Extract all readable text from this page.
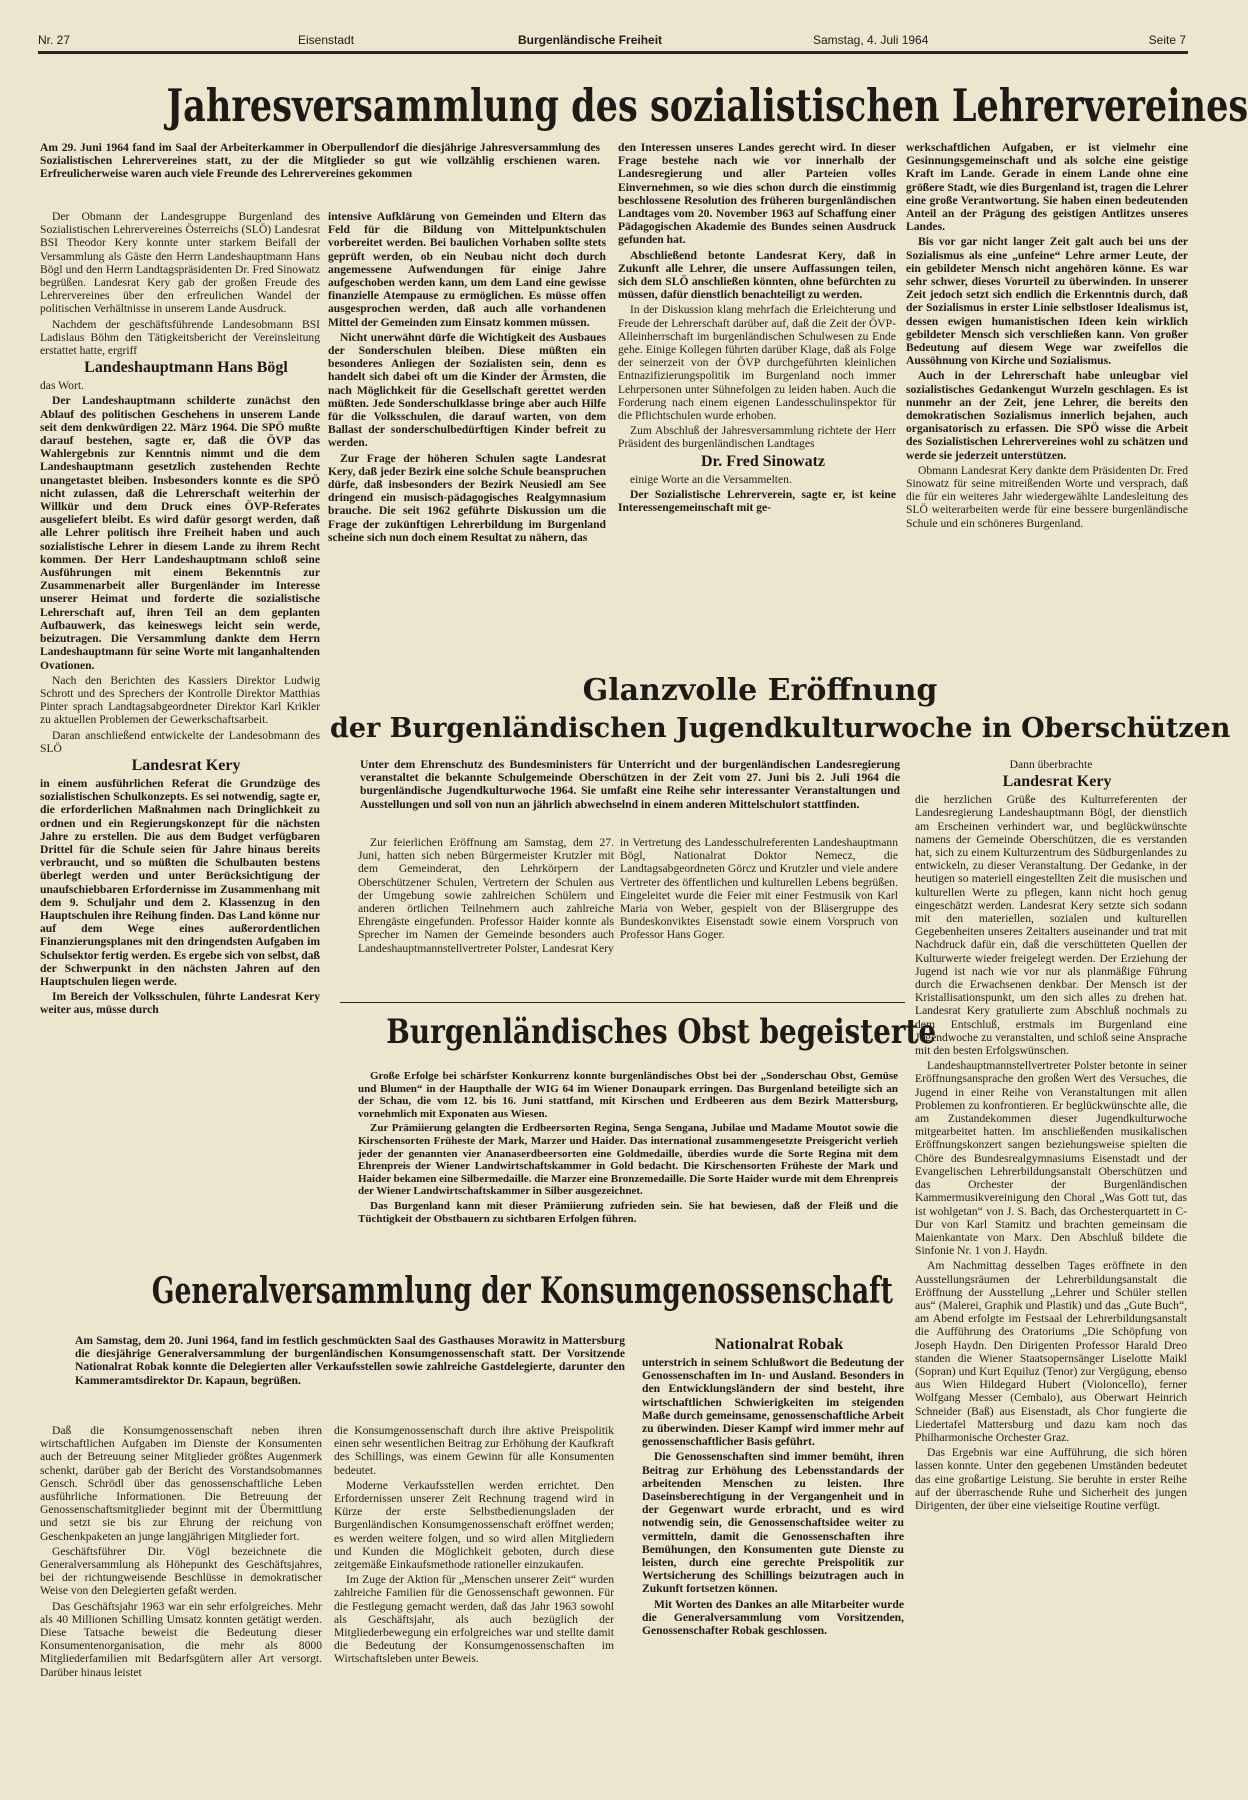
Nr. 27	Eisenstadt	Burgenländische Freiheit	Samstag, 4. Juli 1964	Seite 7
Jahresversammlung des sozialistischen Lehrervereines
Am 29. Juni 1964 fand im Saal der Arbeiterkammer in Oberpullendorf die diesjährige Jahresversammlung des Sozialistischen Lehrervereines statt, zu der die Mitglieder so gut wie vollzählig erschienen waren. Erfreulicherweise waren auch viele Freunde des Lehrervereines gekommen

Der Obmann der Landesgruppe Burgenland des Sozialistischen Lehrervereines Österreichs (SLÖ) Landesrat BSI Theodor Kery konnte unter starkem Beifall der Versammlung als Gäste den Herrn Landeshauptmann Hans Bögl und den Herrn Landtagspräsidenten Dr. Fred Sinowatz begrüßen. Landesrat Kery gab der großen Freude des Lehrervereines über den erfreulichen Wandel der politischen Verhältnisse in unserem Lande Ausdruck.

Nachdem der geschäftsführende Landesobmann BSI Ladislaus Böhm den Tätigkeitsbericht der Vereinsleitung erstattet hatte, ergriff

Landeshauptmann Hans Bögl

das Wort.

Der Landeshauptmann schilderte zunächst den Ablauf des politischen Geschehens in unserem Lande seit dem denkwürdigen 22. März 1964. Die SPÖ mußte darauf bestehen, sagte er, daß die ÖVP das Wahlergebnis zur Kenntnis nimmt und die dem Landeshauptmann gesetzlich zustehenden Rechte unangetastet bleiben. Insbesonders konnte es die SPÖ nicht zulassen, daß die Lehrerschaft weiterhin der Willkür und dem Druck eines ÖVP-Referates ausgeliefert bleibt. Es wird dafür gesorgt werden, daß alle Lehrer politisch ihre Freiheit haben und auch sozialistische Lehrer in diesem Lande zu ihrem Recht kommen. Der Herr Landeshauptmann schloß seine Ausführungen mit einem Bekenntnis zur Zusammenarbeit aller Burgenländer im Interesse unserer Heimat und forderte die sozialistische Lehrerschaft auf, ihren Teil an dem geplanten Aufbauwerk, das keineswegs leicht sein werde, beizutragen. Die Versammlung dankte dem Herrn Landeshauptmann für seine Worte mit langanhaltenden Ovationen.

Nach den Berichten des Kassiers Direktor Ludwig Schrott und des Sprechers der Kontrolle Direktor Matthias Pinter sprach Landtagsabgeordneter Direktor Karl Krikler zu aktuellen Problemen der Gewerkschaftsarbeit.

Daran anschließend entwickelte der Landesobmann des SLÖ

Landesrat Kery

in einem ausführlichen Referat die Grundzüge des sozialistischen Schulkonzepts. Es sei notwendig, sagte er, die erforderlichen Maßnahmen nach Dringlichkeit zu ordnen und ein Regierungskonzept für die nächsten Jahre zu erstellen. Die aus dem Budget verfügbaren Drittel für die Schule seien für Jahre hinaus bereits verbraucht, und so müßten die Schulbauten bestens überlegt werden und unter Berücksichtigung der unaufschiebbaren Erfordernisse im Zusammenhang mit dem 9. Schuljahr und dem 2. Klassenzug in den Hauptschulen ihre Reihung finden. Das Land könne nur auf dem Wege eines außerordentlichen Finanzierungsplanes mit den dringendsten Aufgaben im Schulsektor fertig werden. Es ergebe sich von selbst, daß der Schwerpunkt in den nächsten Jahren auf den Hauptschulen liegen werde.

Im Bereich der Volksschulen, führte Landesrat Kery weiter aus, müsse durch

intensive Aufklärung von Gemeinden und Eltern das Feld für die Bildung von Mittelpunktschulen vorbereitet werden. Bei baulichen Vorhaben sollte stets geprüft werden, ob ein Neubau nicht doch durch angemessene Aufwendungen für einige Jahre aufgeschoben werden kann, um dem Land eine gewisse finanzielle Atempause zu ermöglichen. Es müsse offen ausgesprochen werden, daß auch alle vorhandenen Mittel der Gemeinden zum Einsatz kommen müssen.

Nicht unerwähnt dürfe die Wichtigkeit des Ausbaues der Sonderschulen bleiben. Diese müßten ein besonderes Anliegen der Sozialisten sein, denn es handelt sich dabei oft um die Kinder der Ärmsten, die nach Möglichkeit für die Gesellschaft gerettet werden müßten. Jede Sonderschulklasse bringe aber auch Hilfe für die Volksschulen, die darauf warten, von dem Ballast der sonderschulbedürftigen Kinder befreit zu werden.

Zur Frage der höheren Schulen sagte Landesrat Kery, daß jeder Bezirk eine solche Schule beanspruchen dürfe, daß insbesonders der Bezirk Neusiedl am See dringend ein musisch-pädagogisches Realgymnasium brauche. Die seit 1962 geführte Diskussion um die Frage der zukünftigen Lehrerbildung im Burgenland scheine sich nun doch einem Resultat zu nähern, das

den Interessen unseres Landes gerecht wird. In dieser Frage bestehe nach wie vor innerhalb der Landesregierung und aller Parteien volles Einvernehmen, so wie dies schon durch die einstimmig beschlossene Resolution des früheren burgenländischen Landtages vom 20. November 1963 auf Schaffung einer Pädagogischen Akademie des Bundes seinen Ausdruck gefunden hat.

Abschließend betonte Landesrat Kery, daß in Zukunft alle Lehrer, die unsere Auffassungen teilen, sich dem SLÖ anschließen könnten, ohne befürchten zu müssen, dafür dienstlich benachteiligt zu werden.

In der Diskussion klang mehrfach die Erleichterung und Freude der Lehrerschaft darüber auf, daß die Zeit der ÖVP-Alleinherrschaft im burgenländischen Schulwesen zu Ende gehe. Einige Kollegen führten darüber Klage, daß als Folge der seinerzeit von der ÖVP durchgeführten kleinlichen Entnazifizierungspolitik im Burgenland noch immer Lehrpersonen unter Sühnefolgen zu leiden haben. Auch die Forderung nach einem eigenen Landesschulinspektor für die Pflichtschulen wurde erhoben.

Zum Abschluß der Jahresversammlung richtete der Herr Präsident des burgenländischen Landtages

Dr. Fred Sinowatz

einige Worte an die Versammelten.

Der Sozialistische Lehrerverein, sagte er, ist keine Interessengemeinschaft mit ge-

werkschaftlichen Aufgaben, er ist vielmehr eine Gesinnungsgemeinschaft und als solche eine geistige Kraft im Lande. Gerade in einem Lande ohne eine größere Stadt, wie dies Burgenland ist, tragen die Lehrer eine große Verantwortung. Sie haben einen bedeutenden Anteil an der Prägung des geistigen Antlitzes unseres Landes.

Bis vor gar nicht langer Zeit galt auch bei uns der Sozialismus als eine „unfeine“ Lehre armer Leute, der ein gebildeter Mensch nicht angehören könne. Es war sehr schwer, dieses Vorurteil zu überwinden. In unserer Zeit jedoch setzt sich endlich die Erkenntnis durch, daß der Sozialismus in erster Linie selbstloser Idealismus ist, dessen ewigen humanistischen Ideen kein wirklich gebildeter Mensch sich verschließen kann. Von großer Bedeutung auf diesem Wege war zweifellos die Aussöhnung von Kirche und Sozialismus.

Auch in der Lehrerschaft habe unleugbar viel sozialistisches Gedankengut Wurzeln geschlagen. Es ist nunmehr an der Zeit, jene Lehrer, die bereits den demokratischen Sozialismus innerlich bejahen, auch organisatorisch zu erfassen. Die SPÖ wisse die Arbeit des Sozialistischen Lehrervereines wohl zu schätzen und werde sie jederzeit unterstützen.

Obmann Landesrat Kery dankte dem Präsidenten Dr. Fred Sinowatz für seine mitreißenden Worte und versprach, daß die für ein weiteres Jahr wiedergewählte Landesleitung des SLÖ weiterarbeiten werde für eine bessere burgenländische Schule und ein schöneres Burgenland.

Glanzvolle Eröffnung
der Burgenländischen Jugendkulturwoche in Oberschützen
Unter dem Ehrenschutz des Bundesministers für Unterricht und der burgenländischen Landesregierung veranstaltet die bekannte Schulgemeinde Oberschützen in der Zeit vom 27. Juni bis 2. Juli 1964 die burgenländische Jugendkulturwoche 1964. Sie umfaßt eine Reihe sehr interessanter Veranstaltungen und Ausstellungen und soll von nun an jährlich abwechselnd in einem anderen Mittelschulort stattfinden.

Zur feierlichen Eröffnung am Samstag, dem 27. Juni, hatten sich neben Bürgermeister Krutzler mit dem Gemeinderat, den Lehrkörpern der Oberschützener Schulen, Vertretern der Schulen aus der Umgebung sowie zahlreichen Schülern und anderen örtlichen Teilnehmern auch zahlreiche Ehrengäste eingefunden. Professor Haider konnte als Sprecher im Namen der Gemeinde besonders auch Landeshauptmannstellvertreter Polster, Landesrat Kery

in Vertretung des Landesschulreferenten Landeshauptmann Bögl, Nationalrat Doktor Nemecz, die Landtagsabgeordneten Görcz und Krutzler und viele andere Vertreter des öffentlichen und kulturellen Lebens begrüßen. Eingeleitet wurde die Feier mit einer Festmusik von Karl Maria von Weber, gespielt von der Bläsergruppe des Bundeskonviktes Eisenstadt sowie einem Vorspruch von Professor Hans Goger.

Dann überbrachte

Landesrat Kery

die herzlichen Grüße des Kulturreferenten der Landesregierung Landeshauptmann Bögl, der dienstlich am Erscheinen verhindert war, und beglückwünschte namens der Gemeinde Oberschützen, die es verstanden hat, sich zu einem Kulturzentrum des Südburgenlandes zu entwickeln, zu dieser Veranstaltung. Der Gedanke, in der heutigen so materiell eingestellten Zeit die musischen und kulturellen Werte zu pflegen, kann nicht hoch genug eingeschätzt werden. Landesrat Kery setzte sich sodann mit den materiellen, sozialen und kulturellen Gegebenheiten unseres Zeitalters auseinander und trat mit Nachdruck dafür ein, daß die verschütteten Quellen der Kulturwerte wieder freigelegt werden. Der Erziehung der Jugend ist nach wie vor nur als planmäßige Führung durch die Erwachsenen denkbar. Der Mensch ist der Kristallisationspunkt, um den sich alles zu drehen hat. Landesrat Kery gratulierte zum Abschluß nochmals zu dem Entschluß, erstmals im Burgenland eine Jugendwoche zu veranstalten, und schloß seine Ansprache mit den besten Erfolgswünschen.

Landeshauptmannstellvertreter Polster betonte in seiner Eröffnungsansprache den großen Wert des Versuches, die Jugend in einer Reihe von Veranstaltungen mit allen Problemen zu konfrontieren. Er beglückwünschte alle, die am Zustandekommen dieser Jugendkulturwoche mitgearbeitet hatten. Im anschließenden musikalischen Eröffnungskonzert sangen beziehungsweise spielten die Chöre des Bundesrealgymnasiums Eisenstadt und der Evangelischen Lehrerbildungsanstalt Oberschützen und das Orchester der Burgenländischen Kammermusikvereinigung den Choral „Was Gott tut, das ist wohlgetan“ von J. S. Bach, das Orchesterquartett in C-Dur von Karl Stamitz und brachten gemeinsam die Maienkantate von Marx. Den Abschluß bildete die Sinfonie Nr. 1 von J. Haydn.

Am Nachmittag desselben Tages eröffnete in den Ausstellungsräumen der Lehrerbildungsanstalt die Eröffnung der Ausstellung „Lehrer und Schüler stellen aus“ (Malerei, Graphik und Plastik) und das „Gute Buch“, am Abend erfolgte im Festsaal der Lehrerbildungsanstalt die Aufführung des Oratoriums „Die Schöpfung von Joseph Haydn. Den Dirigenten Professor Harald Dreo standen die Wiener Staatsopernsänger Liselotte Maikl (Sopran) und Kurt Equiluz (Tenor) zur Vergügung, ebenso aus Wien Hildegard Hubert (Violoncello), ferner Wolfgang Messer (Cembalo), aus Oberwart Heinrich Schneider (Baß) aus Eisenstadt, als Chor fungierte die Liedertafel Mattersburg und dazu kam noch das Philharmonische Orchester Graz.

Das Ergebnis war eine Aufführung, die sich hören lassen konnte. Unter den gegebenen Umständen bedeutet das eine großartige Leistung. Sie beruhte in erster Reihe auf der überraschende Ruhe und Sicherheit des jungen Dirigenten, der über eine vielseitige Routine verfügt.

Burgenländisches Obst begeisterte

Große Erfolge bei schärfster Konkurrenz konnte burgenländisches Obst bei der „Sonderschau Obst, Gemüse und Blumen“ in der Haupthalle der WIG 64 im Wiener Donaupark erringen. Das Burgenland beteiligte sich an der Schau, die vom 12. bis 16. Juni stattfand, mit Kirschen und Erdbeeren aus dem Bezirk Mattersburg, vornehmlich mit Exponaten aus Wiesen.

Zur Prämiierung gelangten die Erdbeersorten Regina, Senga Sengana, Jubilae und Madame Moutot sowie die Kirschensorten Früheste der Mark, Marzer und Haider. Das international zusammengesetzte Preisgericht verlieh jeder der genannten vier Ananaserdbeersorten eine Goldmedaille, überdies wurde die Sorte Regina mit dem Ehrenpreis der Wiener Landwirtschaftskammer in Gold bedacht. Die Kirschensorten Früheste der Mark und Haider bekamen eine Silbermedaille. die Marzer eine Bronzemedaille. Die Sorte Haider wurde mit dem Ehrenpreis der Wiener Landwirtschaftskammer in Silber ausgezeichnet.

Das Burgenland kann mit dieser Prämiierung zufrieden sein. Sie hat bewiesen, daß der Fleiß und die Tüchtigkeit der Obstbauern zu sichtbaren Erfolgen führen.

Generalversammlung der Konsumgenossenschaft
Am Samstag, dem 20. Juni 1964, fand im festlich geschmückten Saal des Gasthauses Morawitz in Mattersburg die diesjährige Generalversammlung der burgenländischen Konsumgenossenschaft statt. Der Vorsitzende Nationalrat Robak konnte die Delegierten aller Verkaufsstellen sowie zahlreiche Gastdelegierte, darunter den Kammeramtsdirektor Dr. Kapaun, begrüßen.

Daß die Konsumgenossenschaft neben ihren wirtschaftlichen Aufgaben im Dienste der Konsumenten auch der Betreuung seiner Mitglieder größtes Augenmerk schenkt, darüber gab der Bericht des Vorstandsobmannes Gensch. Schrödl über das genossenschaftliche Leben ausführliche Informationen. Die Betreuung der Genossenschaftsmitglieder beginnt mit der Übermittlung und setzt sie bis zur Ehrung der reichung von Geschenkpaketen an junge langjährigen Mitglieder fort.

Geschäftsführer Dir. Vögl bezeichnete die Generalversammlung als Höhepunkt des Geschäftsjahres, bei der richtungweisende Beschlüsse in demokratischer Weise von den Delegierten gefaßt werden.

Das Geschäftsjahr 1963 war ein sehr erfolgreiches. Mehr als 40 Millionen Schilling Umsatz konnten getätigt werden. Diese Tatsache beweist die Bedeutung dieser Konsumentenorganisation, die mehr als 8000 Mitgliederfamilien mit Bedarfsgütern aller Art versorgt. Darüber hinaus leistet

die Konsumgenossenschaft durch ihre aktive Preispolitik einen sehr wesentlichen Beitrag zur Erhöhung der Kaufkraft des Schillings, was einem Gewinn für alle Konsumenten bedeutet.

Moderne Verkaufsstellen werden errichtet. Den Erfordernissen unserer Zeit Rechnung tragend wird in Kürze der erste Selbstbedienungsladen der Burgenländischen Konsumgenossenschaft eröffnet werden; es werden weitere folgen, und so wird allen Mitgliedern und Kunden die Möglichkeit geboten, durch diese zeitgemäße Einkaufsmethode rationeller einzukaufen.

Im Zuge der Aktion für „Menschen unserer Zeit“ wurden zahlreiche Familien für die Genossenschaft gewonnen. Für die Festlegung gemacht werden, daß das Jahr 1963 sowohl als Geschäftsjahr, als auch bezüglich der Mitgliederbewegung ein erfolgreiches war und stellte damit die Bedeutung der Konsumgenossenschaften im Wirtschaftsleben unter Beweis.

Nationalrat Robak

unterstrich in seinem Schlußwort die Bedeutung der Genossenschaften im In- und Ausland. Besonders in den Entwicklungsländern der sind besteht, ihre wirtschaftlichen Schwierigkeiten im steigenden Maße durch gemeinsame, genossenschaftliche Arbeit zu überwinden. Dieser Kampf wird immer mehr auf genossenschaftlicher Basis geführt.

Die Genossenschaften sind immer bemüht, ihren Beitrag zur Erhöhung des Lebensstandards der arbeitenden Menschen zu leisten. Ihre Daseinsberechtigung in der Vergangenheit und in der Gegenwart wurde erbracht, und es wird notwendig sein, die Genossenschaftsidee weiter zu vermitteln, damit die Genossenschaften ihre Bemühungen, den Konsumenten gute Dienste zu leisten, durch eine gerechte Preispolitik zur Wertsicherung des Schillings beizutragen auch in Zukunft fortsetzen können.

Mit Worten des Dankes an alle Mitarbeiter wurde die Generalversammlung vom Vorsitzenden, Genossenschafter Robak geschlossen.
